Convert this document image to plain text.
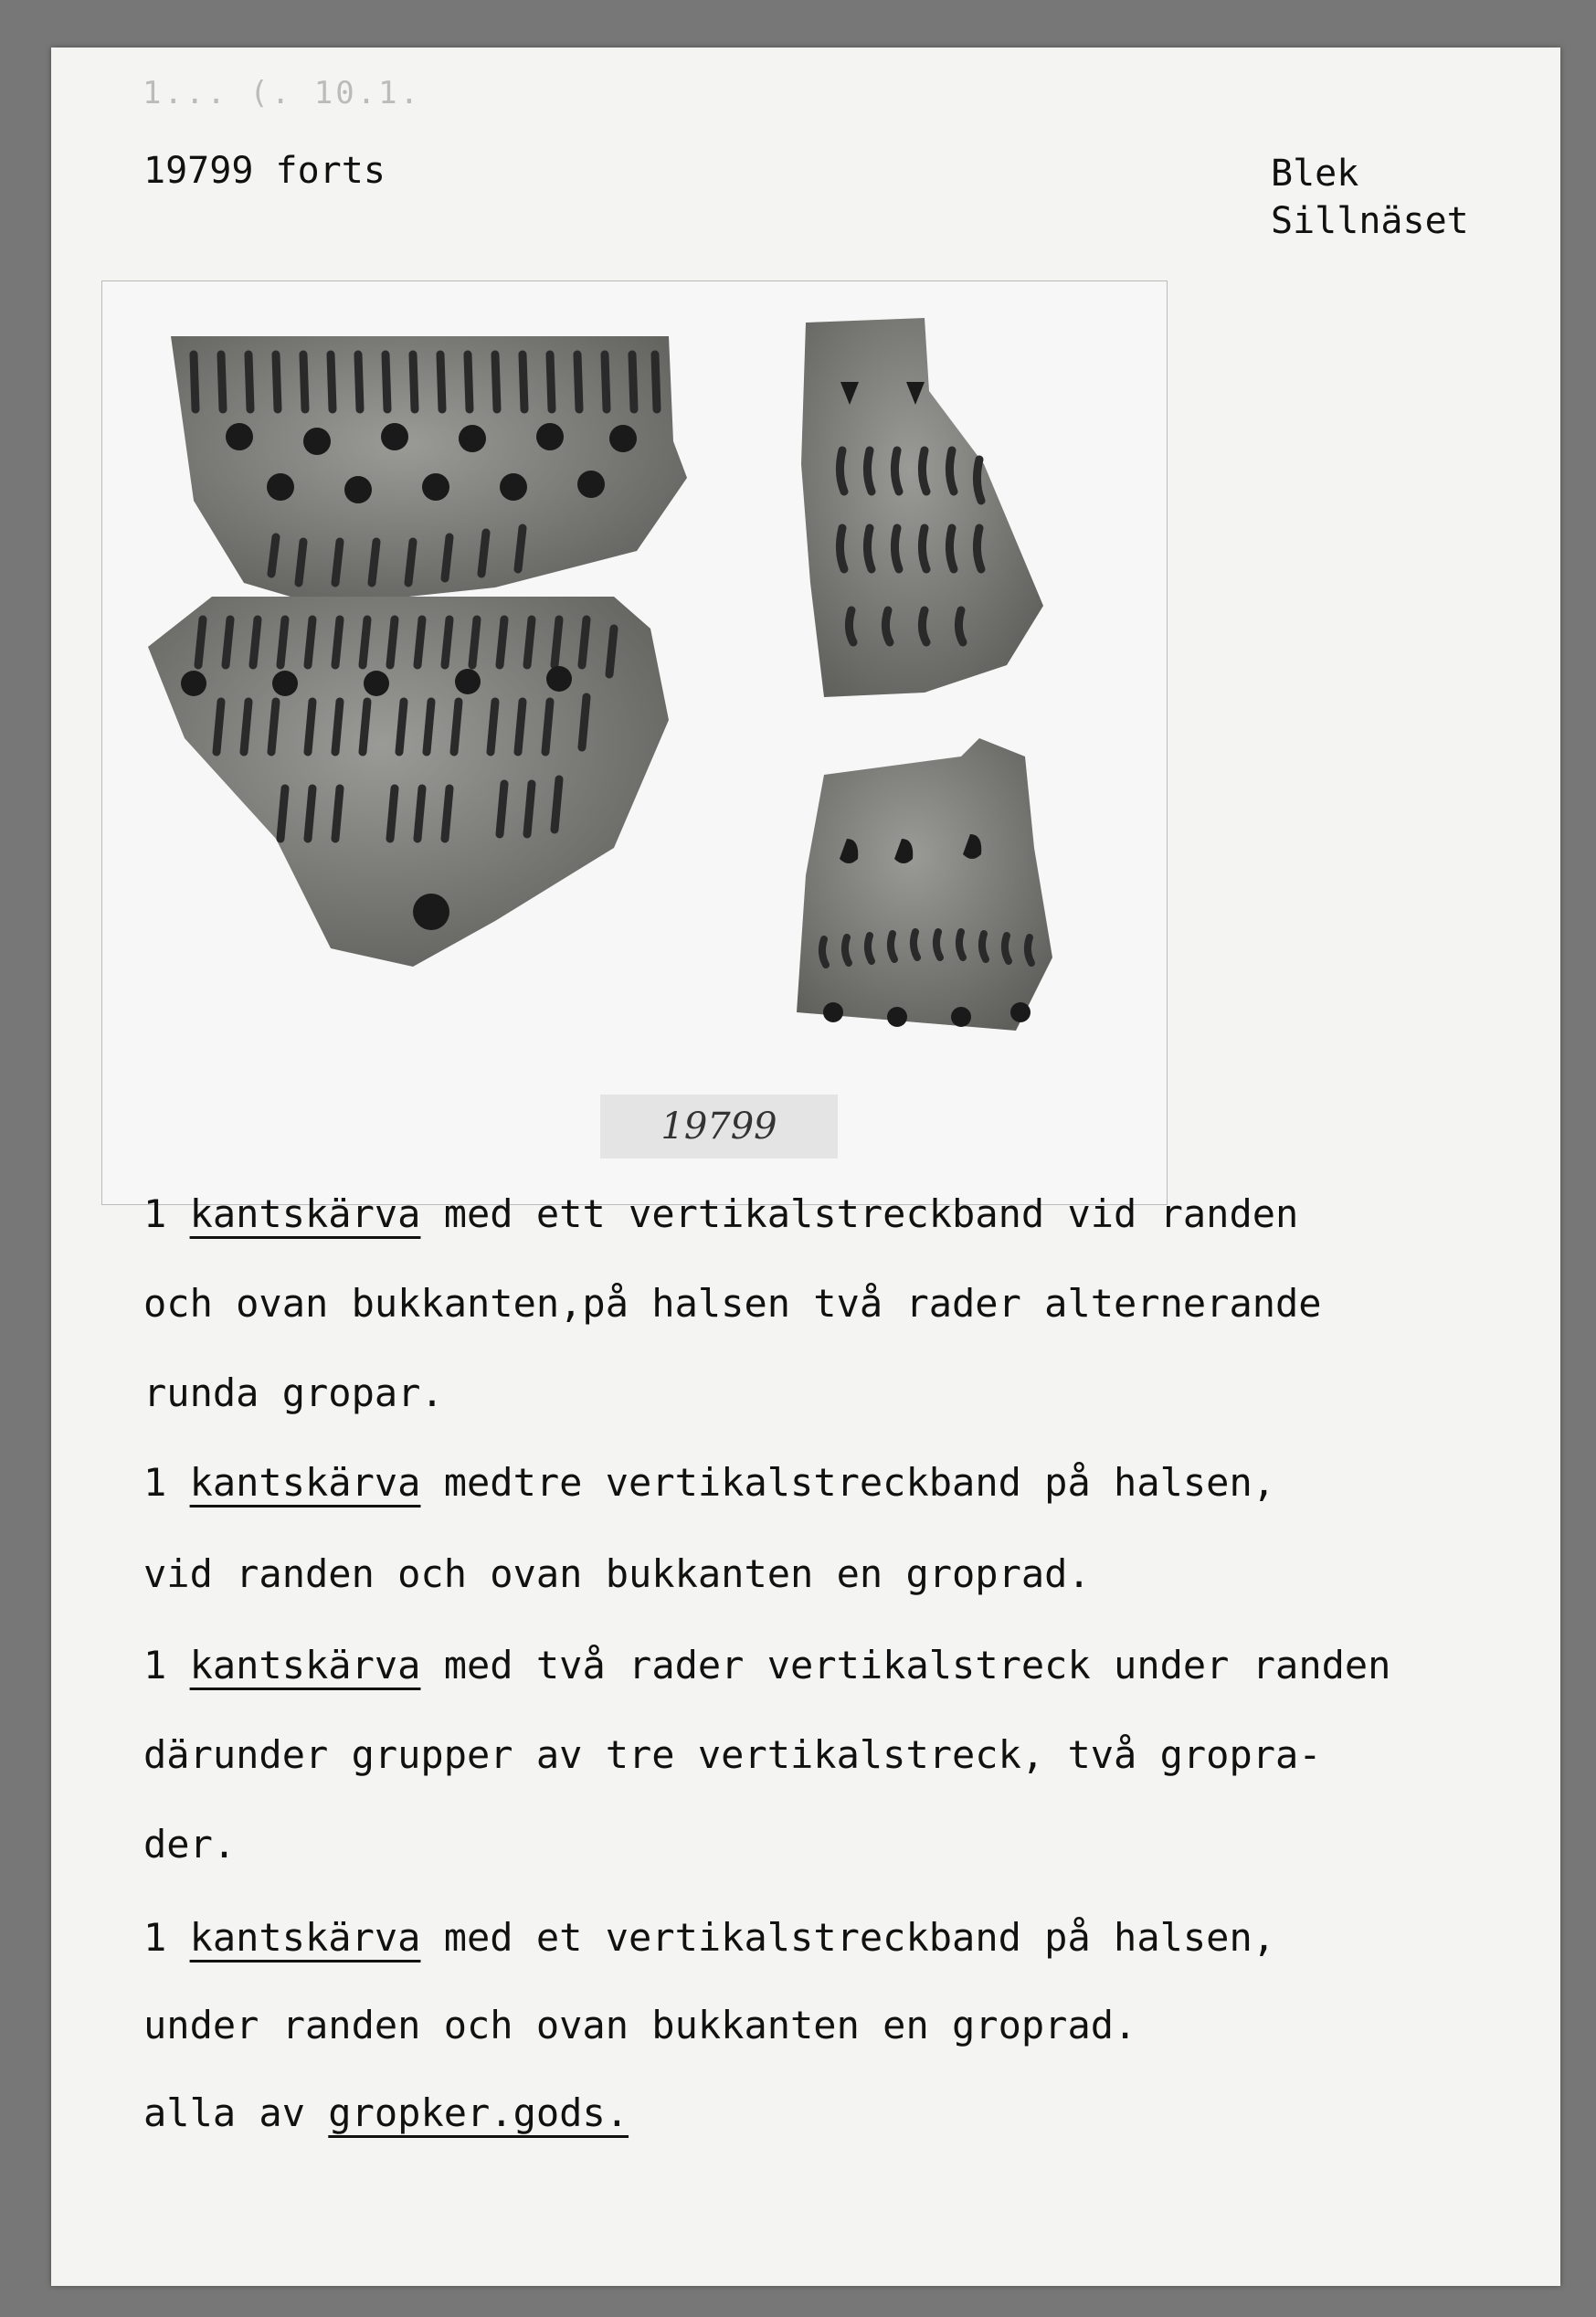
1... (. 10.1.
19799 forts	Blek
Sillnäset
19799
1 kantskärva med ett vertikalstreckband vid randen
och ovan bukkanten,på halsen två rader alternerande
runda gropar.
1 kantskärva medtre vertikalstreckband på halsen,
vid randen och ovan bukkanten en groprad.
1 kantskärva med två rader vertikalstreck under randen
därunder grupper av tre vertikalstreck, två gropra-
der.
1 kantskärva med et vertikalstreckband på halsen,
under randen och ovan bukkanten en groprad.
alla av gropker.gods.
